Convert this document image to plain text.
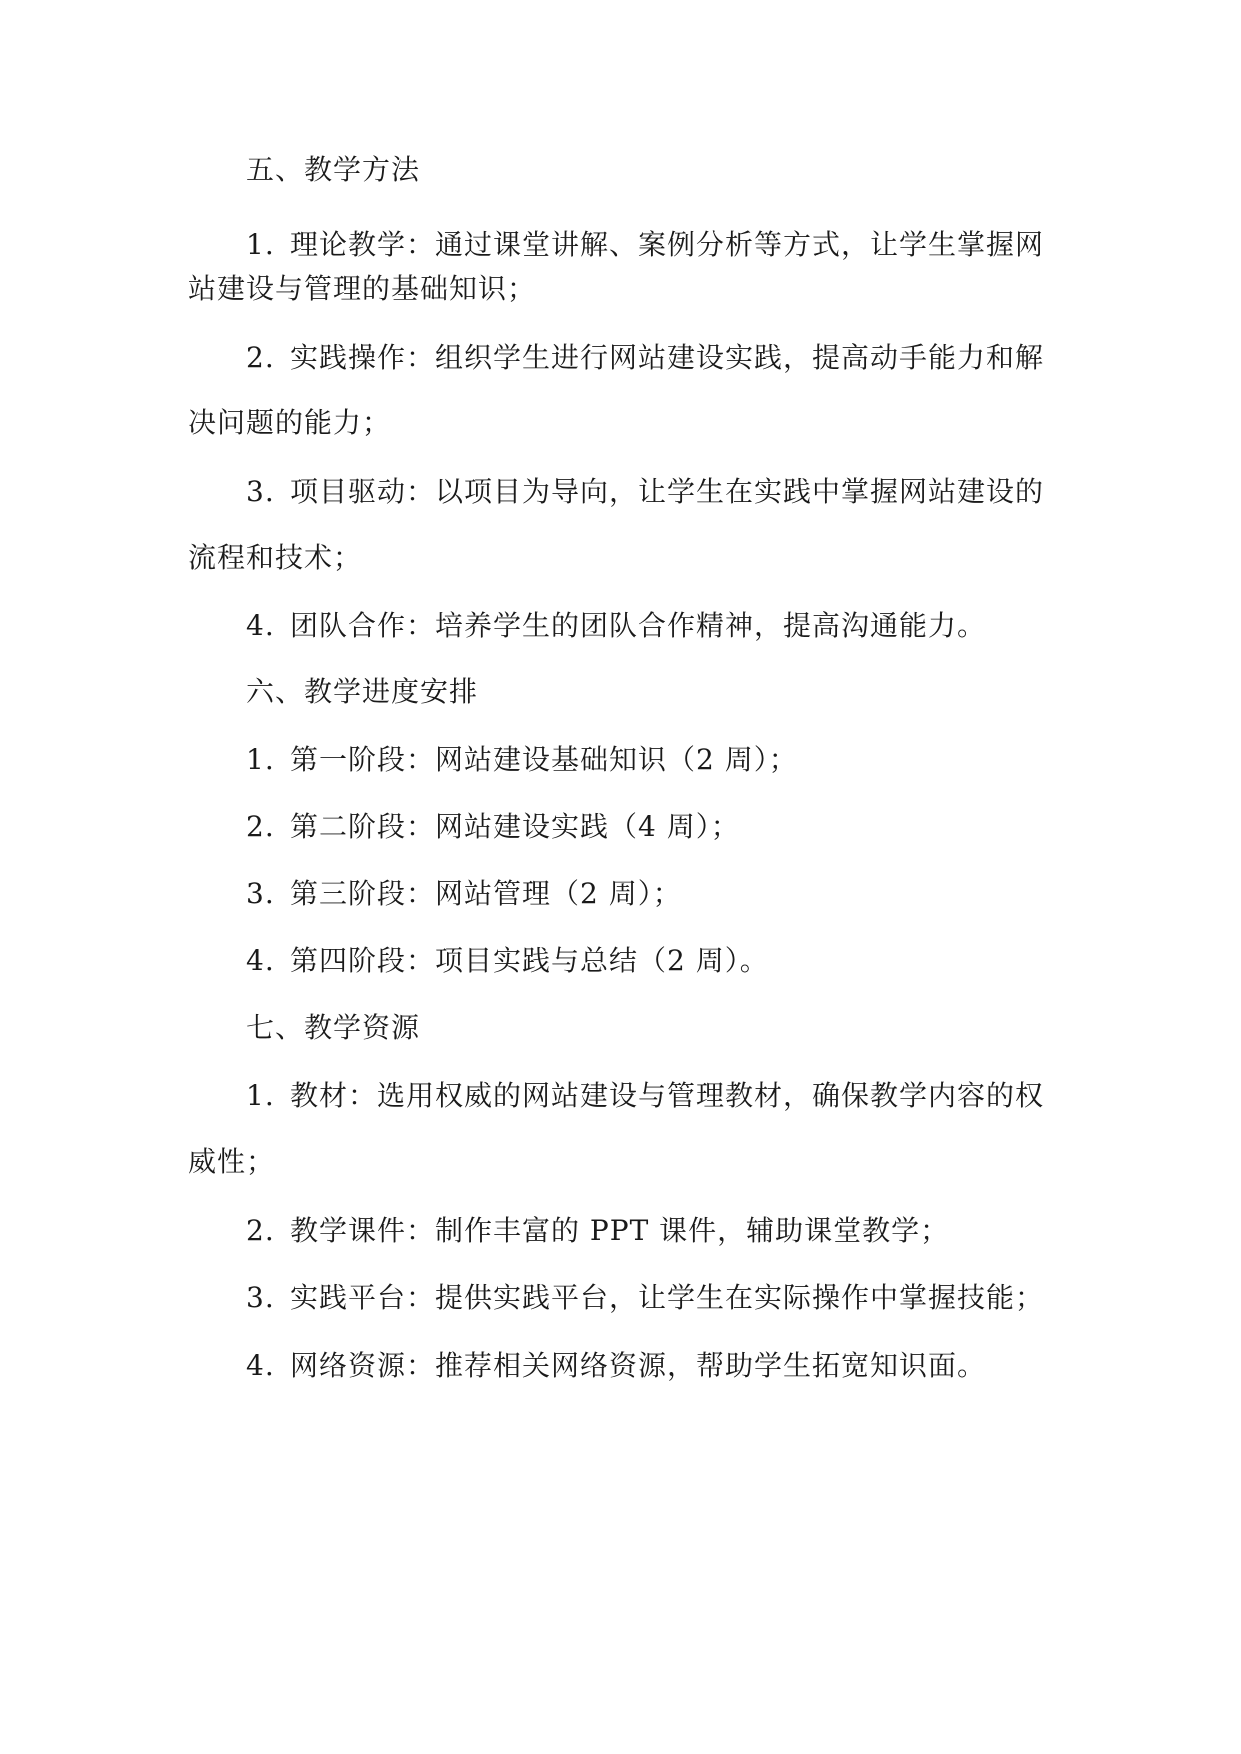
五、教学方法
1. 理论教学：通过课堂讲解、案例分析等方式，让学生掌握网
站建设与管理的基础知识；
2. 实践操作：组织学生进行网站建设实践，提高动手能力和解
决问题的能力；
3. 项目驱动：以项目为导向，让学生在实践中掌握网站建设的
流程和技术；
4. 团队合作：培养学生的团队合作精神，提高沟通能力。
六、教学进度安排
1. 第一阶段：网站建设基础知识（2 周）；
2. 第二阶段：网站建设实践（4 周）；
3. 第三阶段：网站管理（2 周）；
4. 第四阶段：项目实践与总结（2 周）。
七、教学资源
1. 教材：选用权威的网站建设与管理教材，确保教学内容的权
威性；
2. 教学课件：制作丰富的 PPT 课件，辅助课堂教学；
3. 实践平台：提供实践平台，让学生在实际操作中掌握技能；
4. 网络资源：推荐相关网络资源，帮助学生拓宽知识面。
